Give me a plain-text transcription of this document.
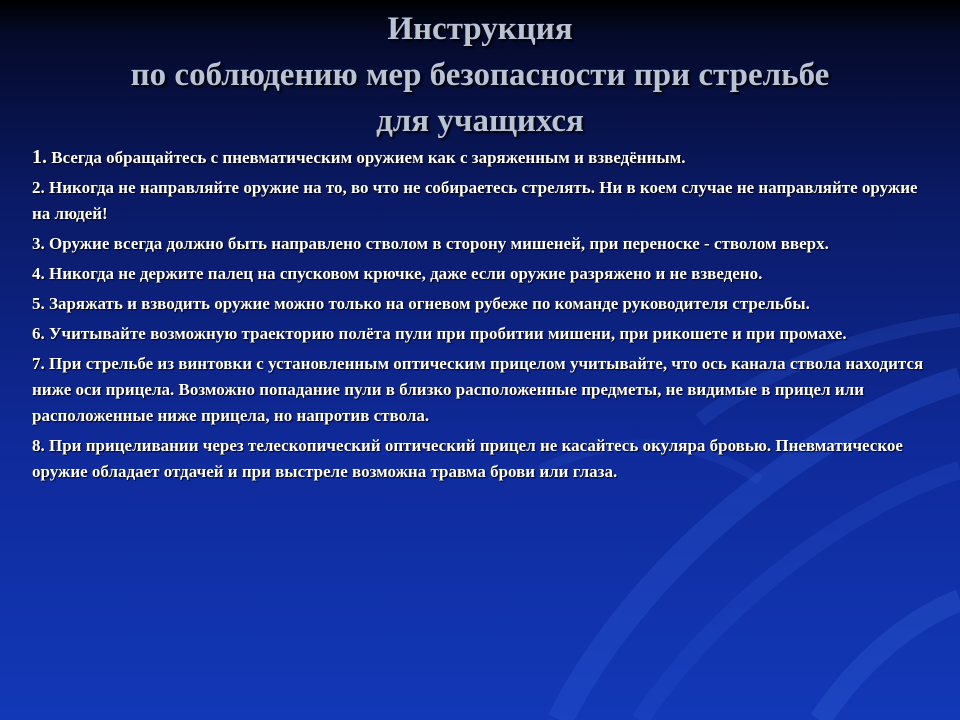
Инструкция
по соблюдению мер безопасности при стрельбе
для учащихся
1. Всегда обращайтесь с пневматическим оружием как с заряженным и взведённым.
2. Никогда не направляйте оружие на то, во что не собираетесь стрелять. Ни в коем случае не направляйте оружие на людей!
3. Оружие всегда должно быть направлено стволом в сторону мишеней, при переноске - стволом вверх.
4. Никогда не держите палец на спусковом крючке, даже если оружие разряжено и не взведено.
5. Заряжать и взводить оружие можно только на огневом рубеже по команде руководителя стрельбы.
6. Учитывайте возможную траекторию полёта пули при пробитии мишени, при рикошете и при промахе.
7. При стрельбе из винтовки с установленным оптическим прицелом учитывайте, что ось канала ствола находится ниже оси прицела. Возможно попадание пули в близко расположенные предметы, не видимые в прицел или расположенные ниже прицела, но напротив ствола.
8. При прицеливании через телескопический оптический прицел не касайтесь окуляра бровью. Пневматическое оружие обладает отдачей и при выстреле возможна травма брови или глаза.
